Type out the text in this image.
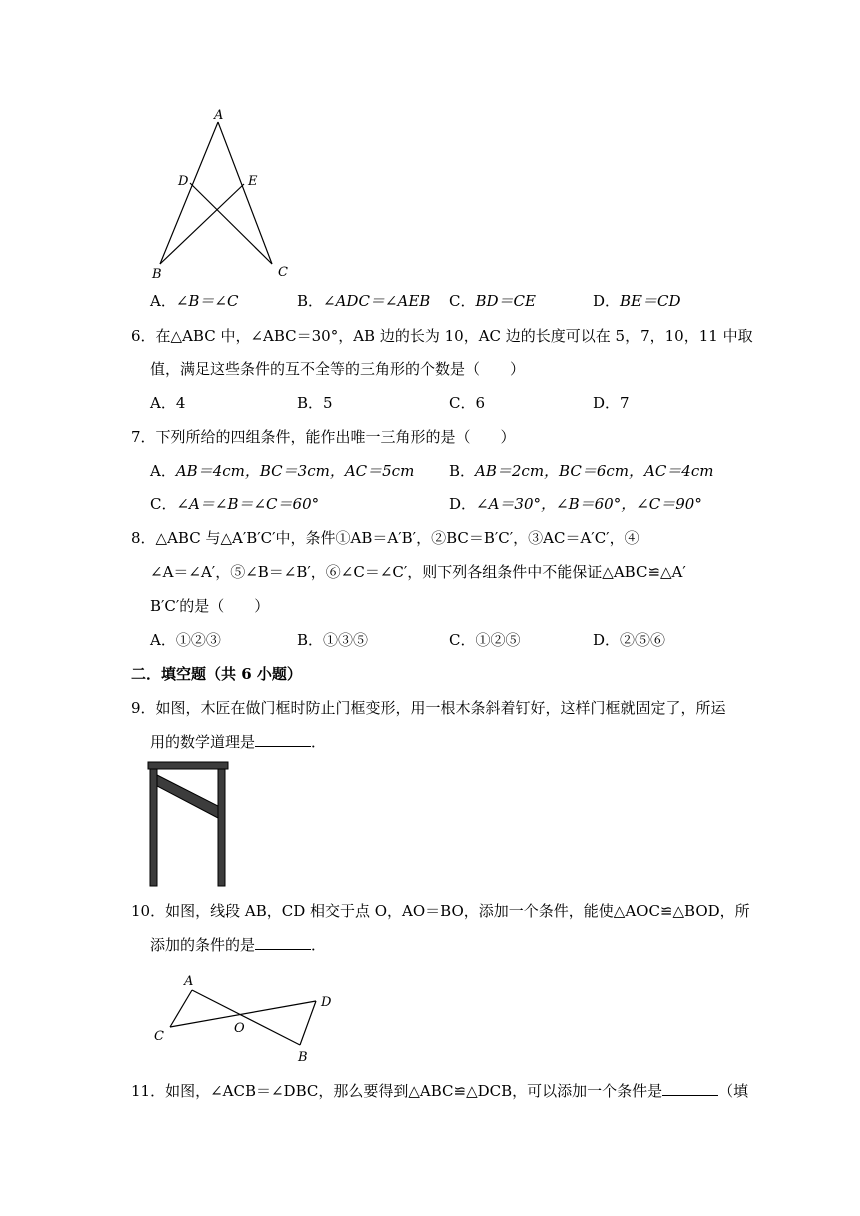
A
D	E
B	C
A．∠B＝∠C	B．∠ADC＝∠AEB C．BD＝CE	D．BE＝CD
6．在△ABC 中，∠ABC＝30°，AB 边的长为 10，AC 边的长度可以在 5，7，10，11 中取
值，满足这些条件的互不全等的三角形的个数是（　　）
A．4	B．5	C．6	D．7
7．下列所给的四组条件，能作出唯一三角形的是（　　）
A．AB＝4cm，BC＝3cm，AC＝5cm B．AB＝2cm，BC＝6cm，AC＝4cm
C．∠A＝∠B＝∠C＝60°	D．∠A＝30°，∠B＝60°，∠C＝90°
8．△ABC 与△A′B′C′中，条件①AB＝A′B′，②BC＝B′C′，③AC＝A′C′，④
∠A＝∠A′，⑤∠B＝∠B′，⑥∠C＝∠C′，则下列各组条件中不能保证△ABC≌△A′
B′C′的是（　　）
A．①②③	B．①③⑤	C．①②⑤	D．②⑤⑥
二．填空题（共 6 小题）
9．如图，木匠在做门框时防止门框变形，用一根木条斜着钉好，这样门框就固定了，所运
用的数学道理是	．
10．如图，线段 AB，CD 相交于点 O，AO＝BO，添加一个条件，能使△AOC≌△BOD，所
添加的条件的是	．
A
C
O
D
B
11．如图，∠ACB＝∠DBC，那么要得到△ABC≌△DCB，可以添加一个条件是	（填
